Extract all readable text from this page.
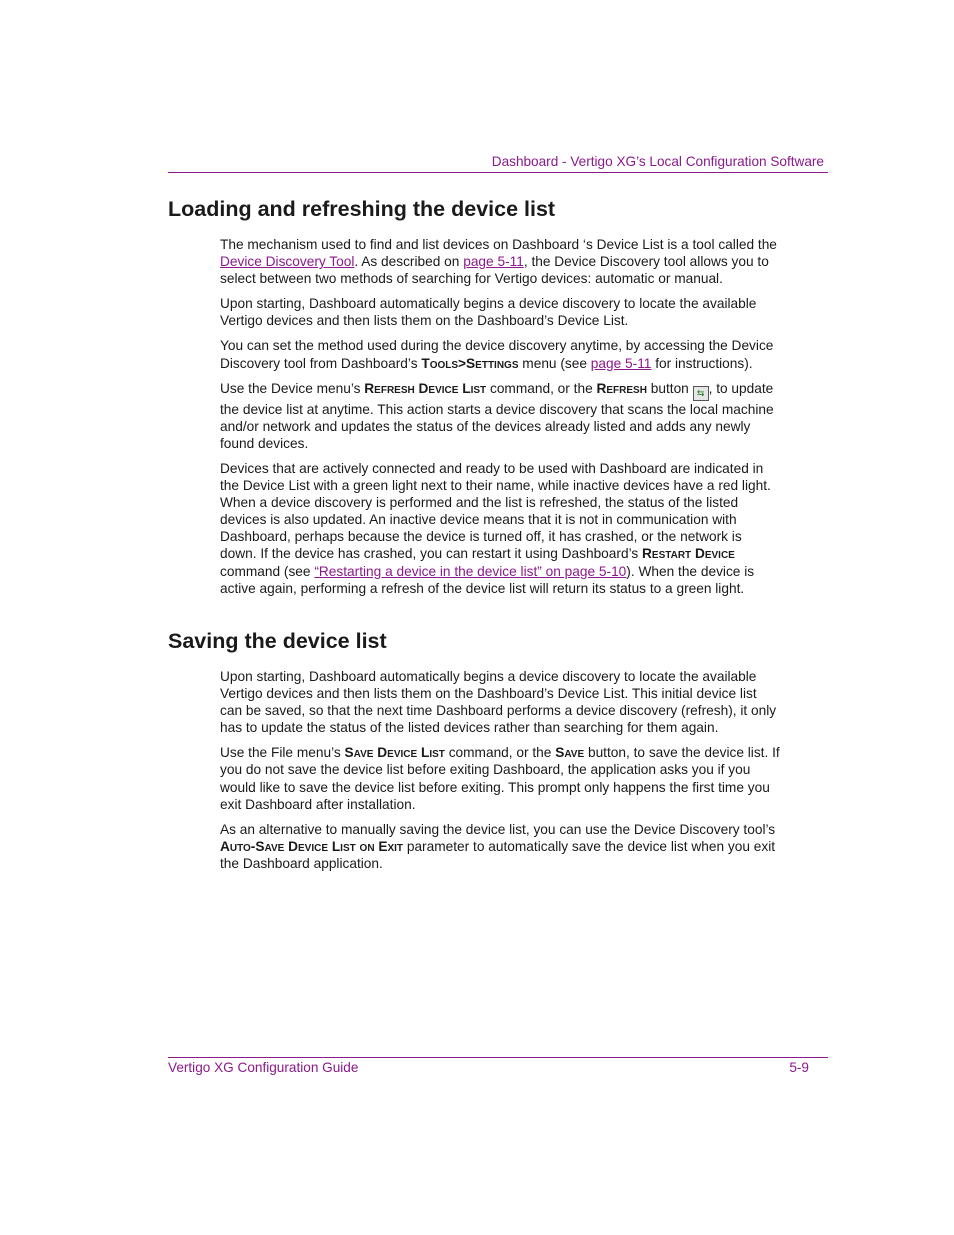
Dashboard - Vertigo XG’s Local Configuration Software
Loading and refreshing the device list

The mechanism used to find and list devices on Dashboard ‘s Device List is a tool called the Device Discovery Tool. As described on page 5-11, the Device Discovery tool allows you to select between two methods of searching for Vertigo devices: automatic or manual.

Upon starting, Dashboard automatically begins a device discovery to locate the available Vertigo devices and then lists them on the Dashboard’s Device List.

You can set the method used during the device discovery anytime, by accessing the Device Discovery tool from Dashboard’s Tools>Settings menu (see page 5-11 for instructions).

Use the Device menu’s Refresh Device List command, or the Refresh button ⇆ , to update the device list at anytime. This action starts a device discovery that scans the local machine and/or network and updates the status of the devices already listed and adds any newly found devices.

Devices that are actively connected and ready to be used with Dashboard are indicated in the Device List with a green light next to their name, while inactive devices have a red light. When a device discovery is performed and the list is refreshed, the status of the listed devices is also updated. An inactive device means that it is not in communication with Dashboard, perhaps because the device is turned off, it has crashed, or the network is down. If the device has crashed, you can restart it using Dashboard’s Restart Device command (see “Restarting a device in the device list” on page 5-10). When the device is active again, performing a refresh of the device list will return its status to a green light.

Saving the device list

Upon starting, Dashboard automatically begins a device discovery to locate the available Vertigo devices and then lists them on the Dashboard’s Device List. This initial device list can be saved, so that the next time Dashboard performs a device discovery (refresh), it only has to update the status of the listed devices rather than searching for them again.

Use the File menu’s Save Device List command, or the Save button, to save the device list. If you do not save the device list before exiting Dashboard, the application asks you if you would like to save the device list before exiting. This prompt only happens the first time you exit Dashboard after installation.

As an alternative to manually saving the device list, you can use the Device Discovery tool’s Auto-Save Device List on Exit parameter to automatically save the device list when you exit the Dashboard application.

Vertigo XG Configuration Guide	5-9
